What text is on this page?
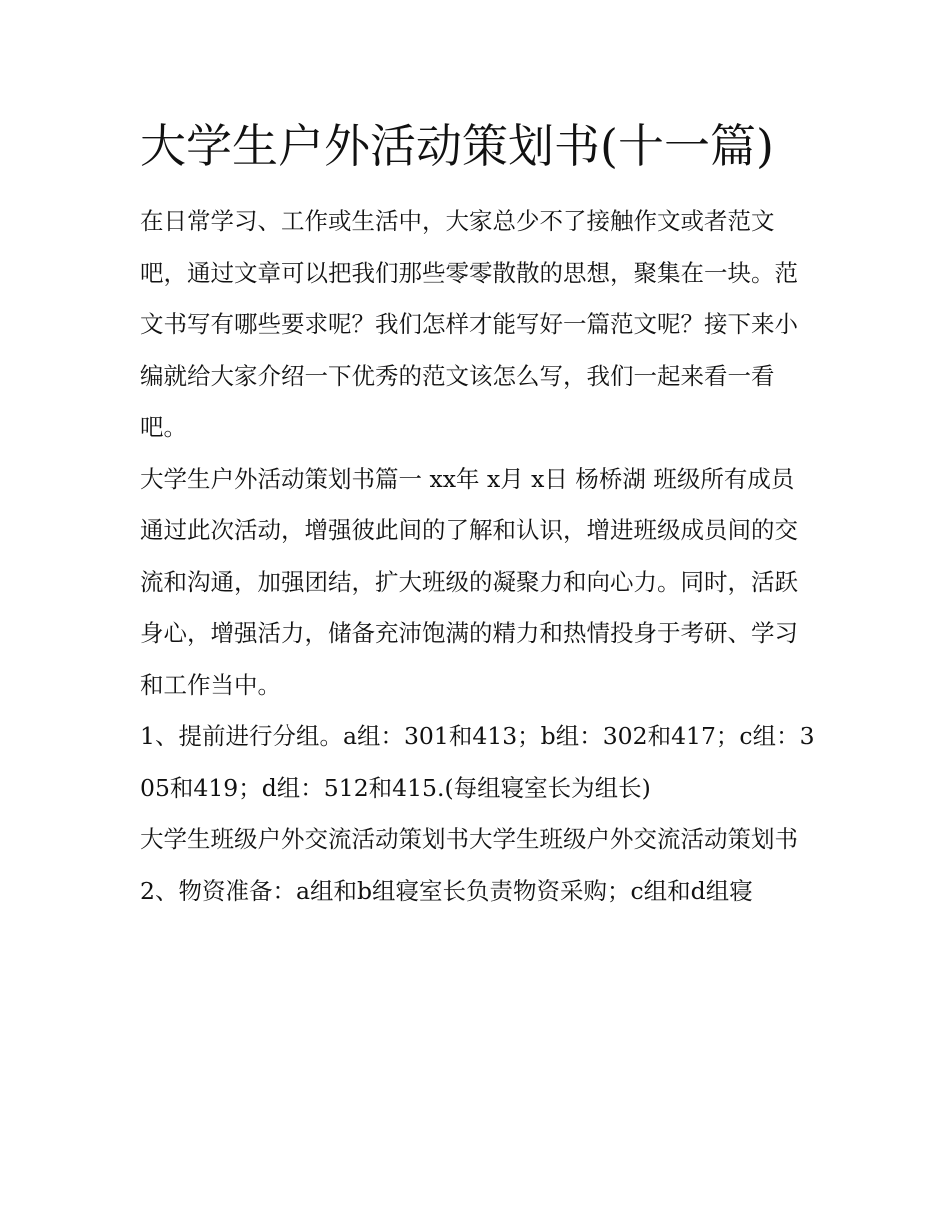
大学生户外活动策划书(十一篇)

在日常学习、工作或生活中，大家总少不了接触作文或者范文吧，通过文章可以把我们那些零零散散的思想，聚集在一块。范文书写有哪些要求呢？我们怎样才能写好一篇范文呢？接下来小编就给大家介绍一下优秀的范文该怎么写，我们一起来看一看吧。

大学生户外活动策划书篇一 xx年 x月 x日 杨桥湖 班级所有成员

通过此次活动，增强彼此间的了解和认识，增进班级成员间的交流和沟通，加强团结，扩大班级的凝聚力和向心力。同时，活跃身心，增强活力，储备充沛饱满的精力和热情投身于考研、学习和工作当中。

1、提前进行分组。a组：301和413；b组：302和417；c组：305和419；d组：512和415.(每组寝室长为组长)

大学生班级户外交流活动策划书大学生班级户外交流活动策划书

2、物资准备：a组和b组寝室长负责物资采购；c组和d组寝
